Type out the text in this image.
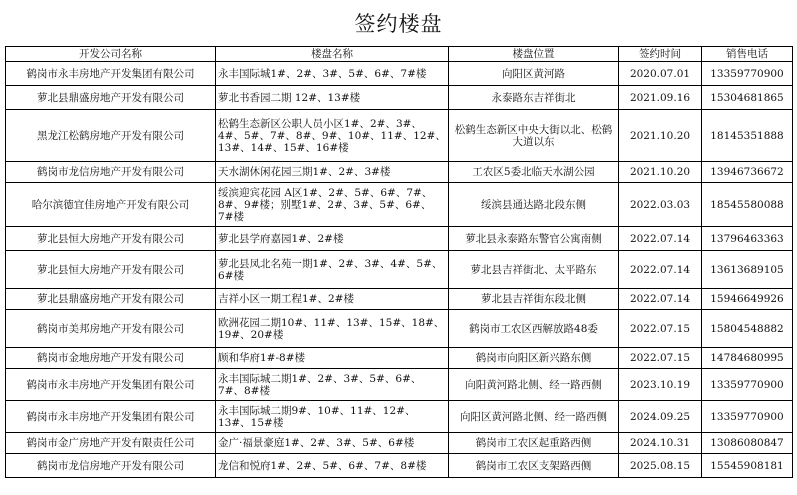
签约楼盘
开发公司名称	楼盘名称	楼盘位置	签约时间	销售电话
鹤岗市永丰房地产开发集团有限公司	永丰国际城1#、2#、3#、5#、6#、7#楼	向阳区黄河路	2020.07.01	13359770900
萝北县鼎盛房地产开发有限公司	萝北书香园二期 12#、13#楼	永泰路东吉祥街北	2021.09.16	15304681865
黑龙江松鹤房地产开发有限公司	松鹤生态新区公职人员小区1#、2#、3#、4#、5#、7#、8#、9#、10#、11#、12#、13#、14#、15#、16#楼	松鹤生态新区中央大街以北、松鹤大道以东	2021.10.20	18145351888
鹤岗市龙信房地产开发有限公司	天水湖休闲花园三期1#、2#、3#楼	工农区5委北临天水湖公园	2021.10.20	13946736672
哈尔滨德宜佳房地产开发有限公司	绥滨迎宾花园 A区1#、2#、5#、6#、7#、8#、9#楼；别墅1#、2#、3#、5#、6#、7#楼	绥滨县通达路北段东侧	2022.03.03	18545580088
萝北县恒大房地产开发有限公司	萝北县学府嘉园1#、2#楼	萝北县永泰路东警官公寓南侧	2022.07.14	13796463363
萝北县恒大房地产开发有限公司	萝北县凤北名苑一期1#、2#、3#、4#、5#、6#楼	萝北县吉祥街北、太平路东	2022.07.14	13613689105
萝北县鼎盛房地产开发有限公司	吉祥小区一期工程1#、2#楼	萝北县吉祥街东段北侧	2022.07.14	15946649926
鹤岗市美邦房地产开发有限公司	欧洲花园二期10#、11#、13#、15#、18#、19#、20#楼	鹤岗市工农区西解放路48委	2022.07.15	15804548882
鹤岗市金地房地产开发有限公司	顾和华府1#-8#楼	鹤岗市向阳区新兴路东侧	2022.07.15	14784680995
鹤岗市永丰房地产开发集团有限公司	永丰国际城二期1#、2#、3#、5#、6#、7#、8#楼	向阳黄河路北侧、经一路西侧	2023.10.19	13359770900
鹤岗市永丰房地产开发集团有限公司	永丰国际城二期9#、10#、11#、12#、13#、15#楼	向阳区黄河路北侧、经一路西侧	2024.09.25	13359770900
鹤岗市金广房地产开发有限责任公司	金广·福景豪庭1#、2#、3#、5#、6#楼	鹤岗市工农区起重路西侧	2024.10.31	13086080847
鹤岗市龙信房地产开发有限公司	龙信和悦府1#、2#、5#、6#、7#、8#楼	鹤岗市工农区支架路西侧	2025.08.15	15545908181
